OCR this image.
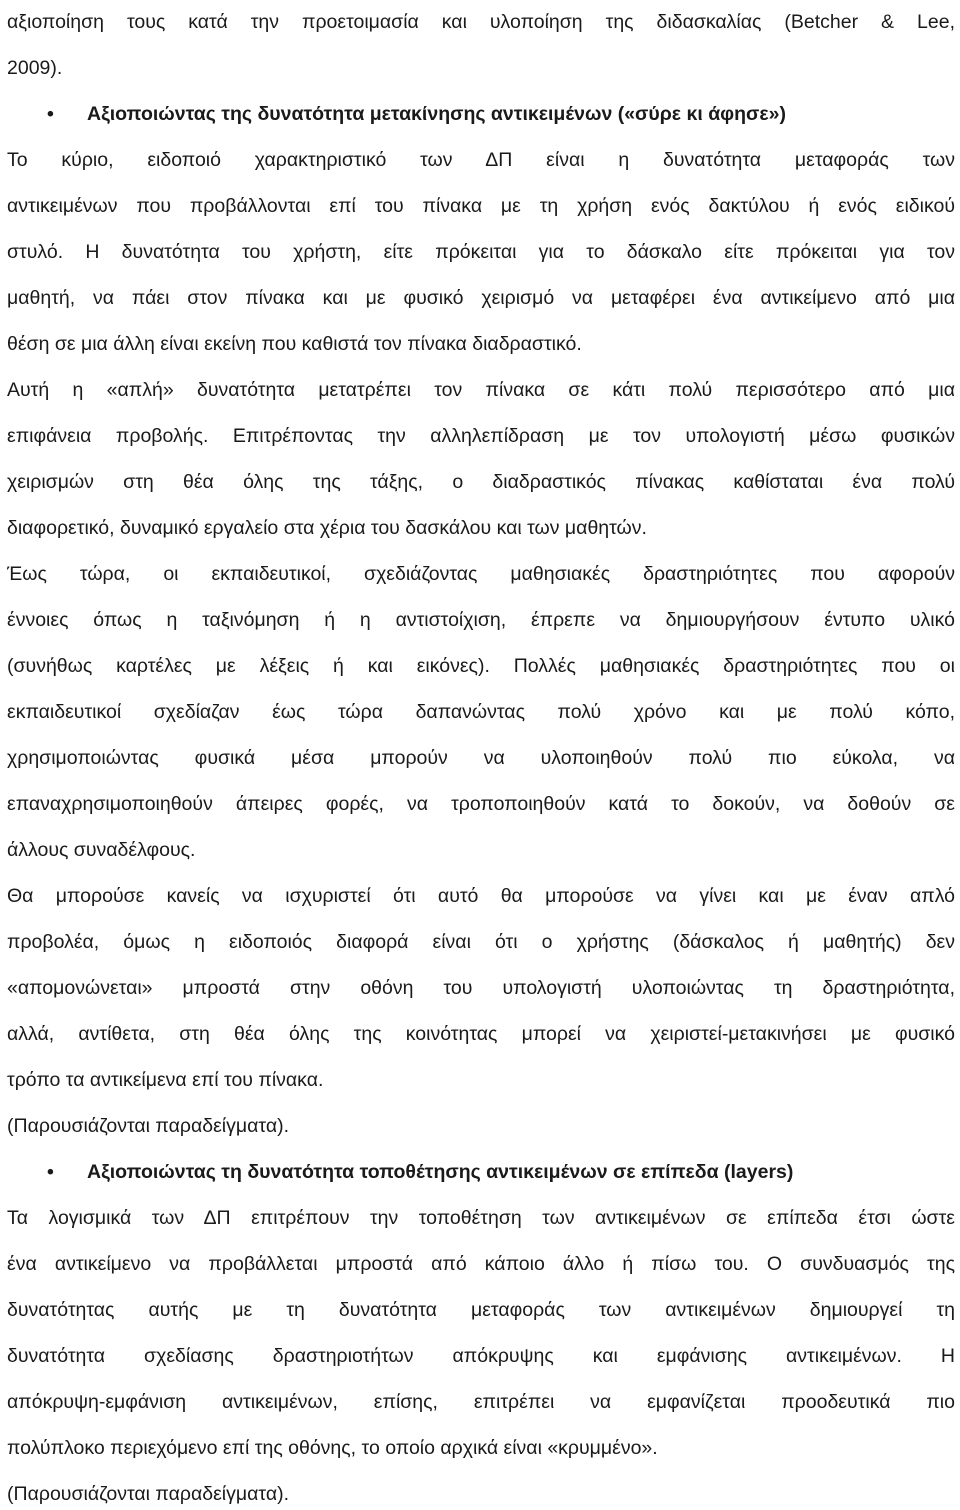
αξιοποίηση τους κατά την προετοιμασία και υλοποίηση της διδασκαλίας (Betcher & Lee,
2009).
• Αξιοποιώντας της δυνατότητα μετακίνησης αντικειμένων («σύρε κι άφησε»)
Το κύριο, ειδοποιό χαρακτηριστικό των ΔΠ είναι η δυνατότητα μεταφοράς των
αντικειμένων που προβάλλονται επί του πίνακα με τη χρήση ενός δακτύλου ή ενός ειδικού
στυλό. Η δυνατότητα του χρήστη, είτε πρόκειται για το δάσκαλο είτε πρόκειται για τον
μαθητή, να πάει στον πίνακα και με φυσικό χειρισμό να μεταφέρει ένα αντικείμενο από μια
θέση σε μια άλλη είναι εκείνη που καθιστά τον πίνακα διαδραστικό.
Αυτή η «απλή» δυνατότητα μετατρέπει τον πίνακα σε κάτι πολύ περισσότερο από μια
επιφάνεια προβολής. Επιτρέποντας την αλληλεπίδραση με τον υπολογιστή μέσω φυσικών
χειρισμών στη θέα όλης της τάξης, ο διαδραστικός πίνακας καθίσταται ένα πολύ
διαφορετικό, δυναμικό εργαλείο στα χέρια του δασκάλου και των μαθητών.
Έως τώρα, οι εκπαιδευτικοί, σχεδιάζοντας μαθησιακές δραστηριότητες που αφορούν
έννοιες όπως η ταξινόμηση ή η αντιστοίχιση, έπρεπε να δημιουργήσουν έντυπο υλικό
(συνήθως καρτέλες με λέξεις ή και εικόνες). Πολλές μαθησιακές δραστηριότητες που οι
εκπαιδευτικοί σχεδίαζαν έως τώρα δαπανώντας πολύ χρόνο και με πολύ κόπο,
χρησιμοποιώντας φυσικά μέσα μπορούν να υλοποιηθούν πολύ πιο εύκολα, να
επαναχρησιμοποιηθούν άπειρες φορές, να τροποποιηθούν κατά το δοκούν, να δοθούν σε
άλλους συναδέλφους.
Θα μπορούσε κανείς να ισχυριστεί ότι αυτό θα μπορούσε να γίνει και με έναν απλό
προβολέα, όμως η ειδοποιός διαφορά είναι ότι ο χρήστης (δάσκαλος ή μαθητής) δεν
«απομονώνεται» μπροστά στην οθόνη του υπολογιστή υλοποιώντας τη δραστηριότητα,
αλλά, αντίθετα, στη θέα όλης της κοινότητας μπορεί να χειριστεί-μετακινήσει με φυσικό
τρόπο τα αντικείμενα επί του πίνακα.
(Παρουσιάζονται παραδείγματα).
• Αξιοποιώντας τη δυνατότητα τοποθέτησης αντικειμένων σε επίπεδα (layers)
Τα λογισμικά των ΔΠ επιτρέπουν την τοποθέτηση των αντικειμένων σε επίπεδα έτσι ώστε
ένα αντικείμενο να προβάλλεται μπροστά από κάποιο άλλο ή πίσω του. Ο συνδυασμός της
δυνατότητας αυτής με τη δυνατότητα μεταφοράς των αντικειμένων δημιουργεί τη
δυνατότητα σχεδίασης δραστηριοτήτων απόκρυψης και εμφάνισης αντικειμένων. Η
απόκρυψη-εμφάνιση αντικειμένων, επίσης, επιτρέπει να εμφανίζεται προοδευτικά πιο
πολύπλοκο περιεχόμενο επί της οθόνης, το οποίο αρχικά είναι «κρυμμένο».
(Παρουσιάζονται παραδείγματα).
